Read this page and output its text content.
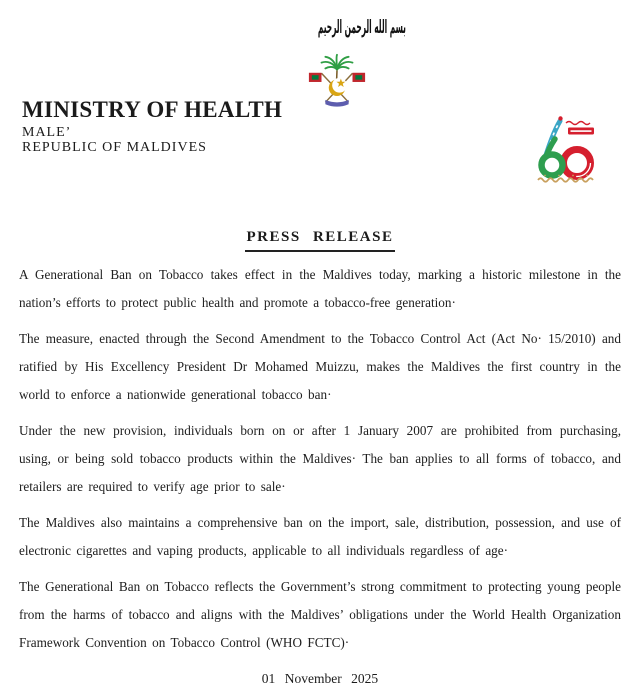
بسم الله الرحمن الرحيم
MINISTRY OF HEALTH
MALE’
REPUBLIC OF MALDIVES
PRESS RELEASE

A Generational Ban on Tobacco takes effect in the Maldives today, marking a historic milestone in the nation’s efforts to protect public health and promote a tobacco-free generation·

The measure, enacted through the Second Amendment to the Tobacco Control Act (Act No· 15/2010) and ratified by His Excellency President Dr Mohamed Muizzu, makes the Maldives the first country in the world to enforce a nationwide generational tobacco ban·

Under the new provision, individuals born on or after 1 January 2007 are prohibited from purchasing, using, or being sold tobacco products within the Maldives· The ban applies to all forms of tobacco, and retailers are required to verify age prior to sale·

The Maldives also maintains a comprehensive ban on the import, sale, distribution, possession, and use of electronic cigarettes and vaping products, applicable to all individuals regardless of age·

The Generational Ban on Tobacco reflects the Government’s strong commitment to protecting young people from the harms of tobacco and aligns with the Maldives’ obligations under the World Health Organization Framework Convention on Tobacco Control (WHO FCTC)·

01 November 2025
